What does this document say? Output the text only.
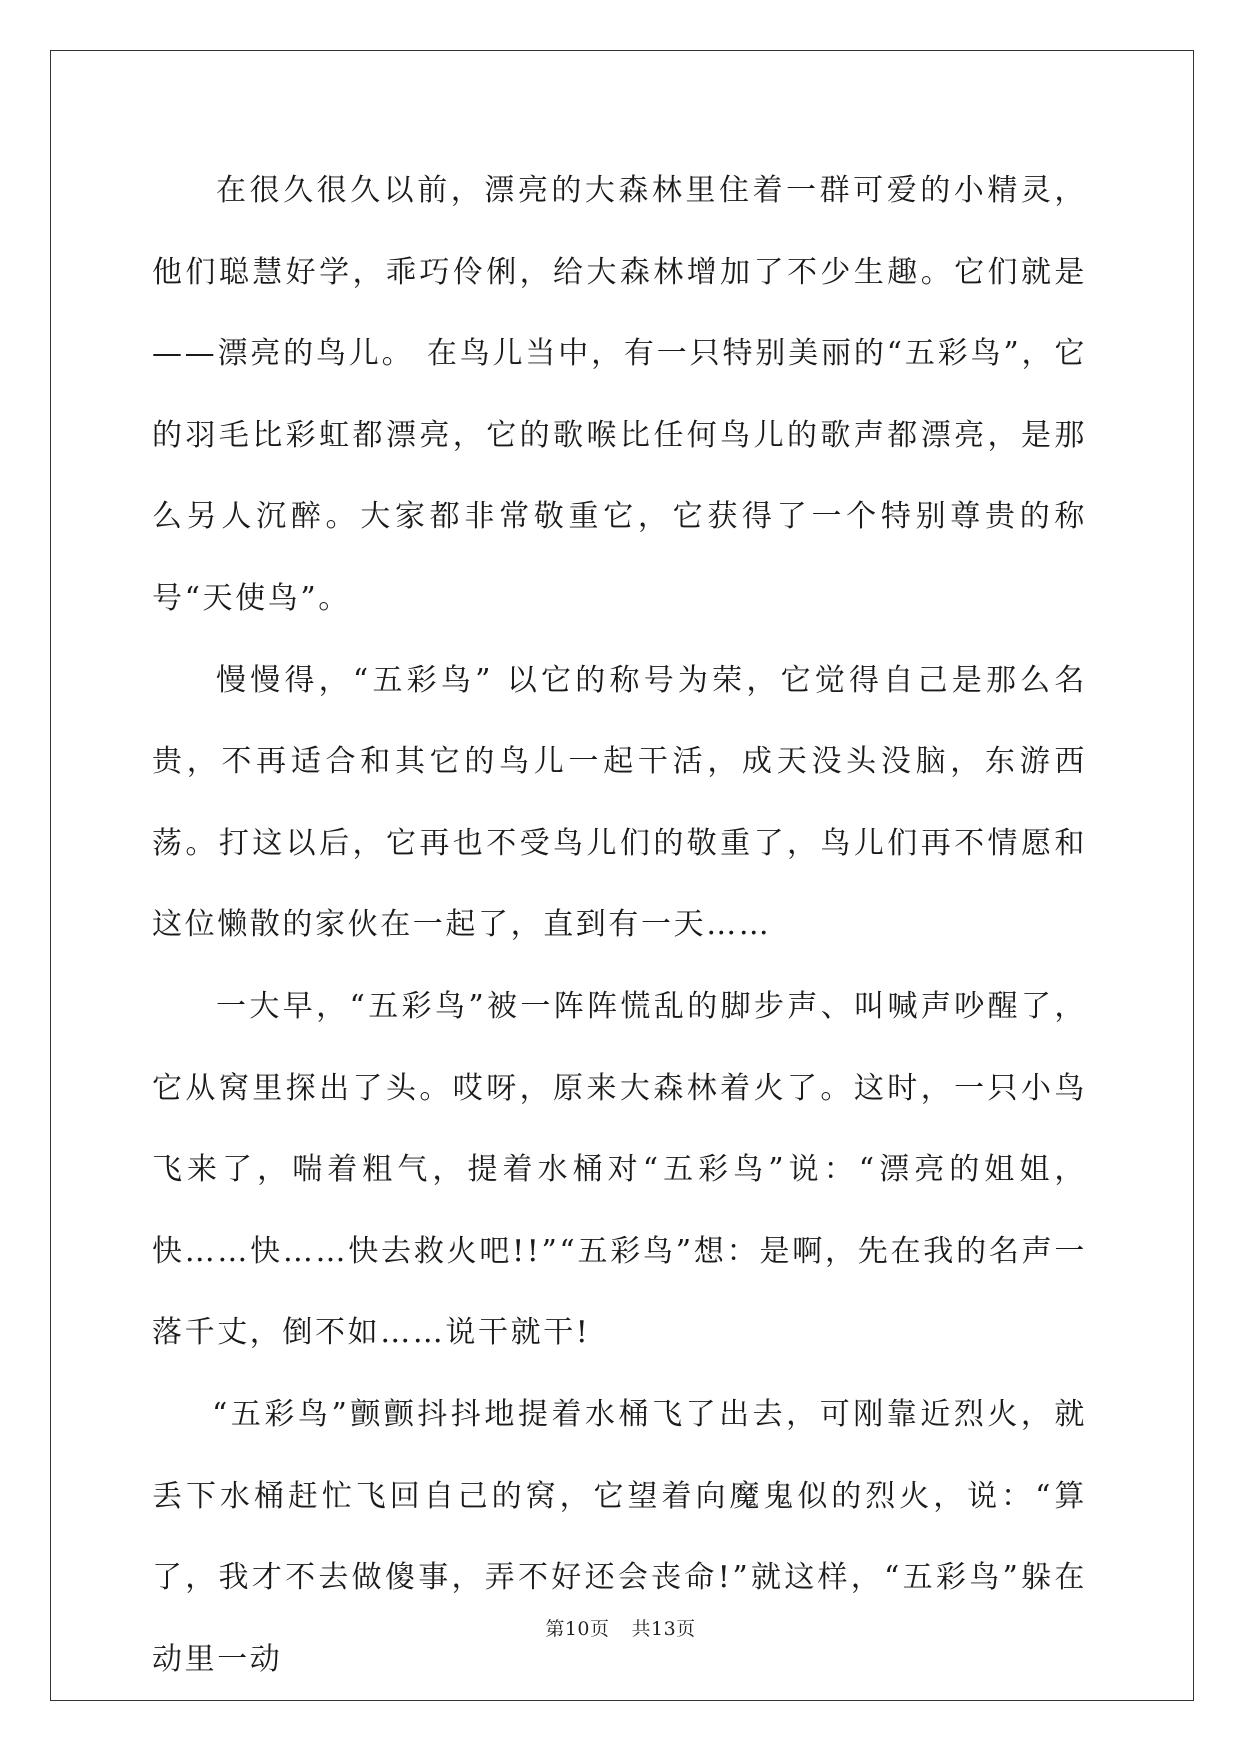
在很久很久以前，漂亮的大森林里住着一群可爱的小精灵，他们聪慧好学，乖巧伶俐，给大森林增加了不少生趣。它们就是——漂亮的鸟儿。 在鸟儿当中，有一只特别美丽的“五彩鸟”，它的羽毛比彩虹都漂亮，它的歌喉比任何鸟儿的歌声都漂亮，是那么另人沉醉。大家都非常敬重它，它获得了一个特别尊贵的称号“天使鸟”。

慢慢得，“五彩鸟” 以它的称号为荣，它觉得自己是那么名贵，不再适合和其它的鸟儿一起干活，成天没头没脑，东游西荡。打这以后，它再也不受鸟儿们的敬重了，鸟儿们再不情愿和这位懒散的家伙在一起了，直到有一天……

一大早，“五彩鸟”被一阵阵慌乱的脚步声、叫喊声吵醒了，它从窝里探出了头。哎呀，原来大森林着火了。这时，一只小鸟飞来了，喘着粗气，提着水桶对“五彩鸟”说：“漂亮的姐姐，快……快……快去救火吧!!”“五彩鸟”想：是啊，先在我的名声一落千丈，倒不如……说干就干!

“五彩鸟”颤颤抖抖地提着水桶飞了出去，可刚靠近烈火，就丢下水桶赶忙飞回自己的窝，它望着向魔鬼似的烈火，说：“算了，我才不去做傻事，弄不好还会丧命!”就这样，“五彩鸟”躲在动里一动

第10页 共13页
